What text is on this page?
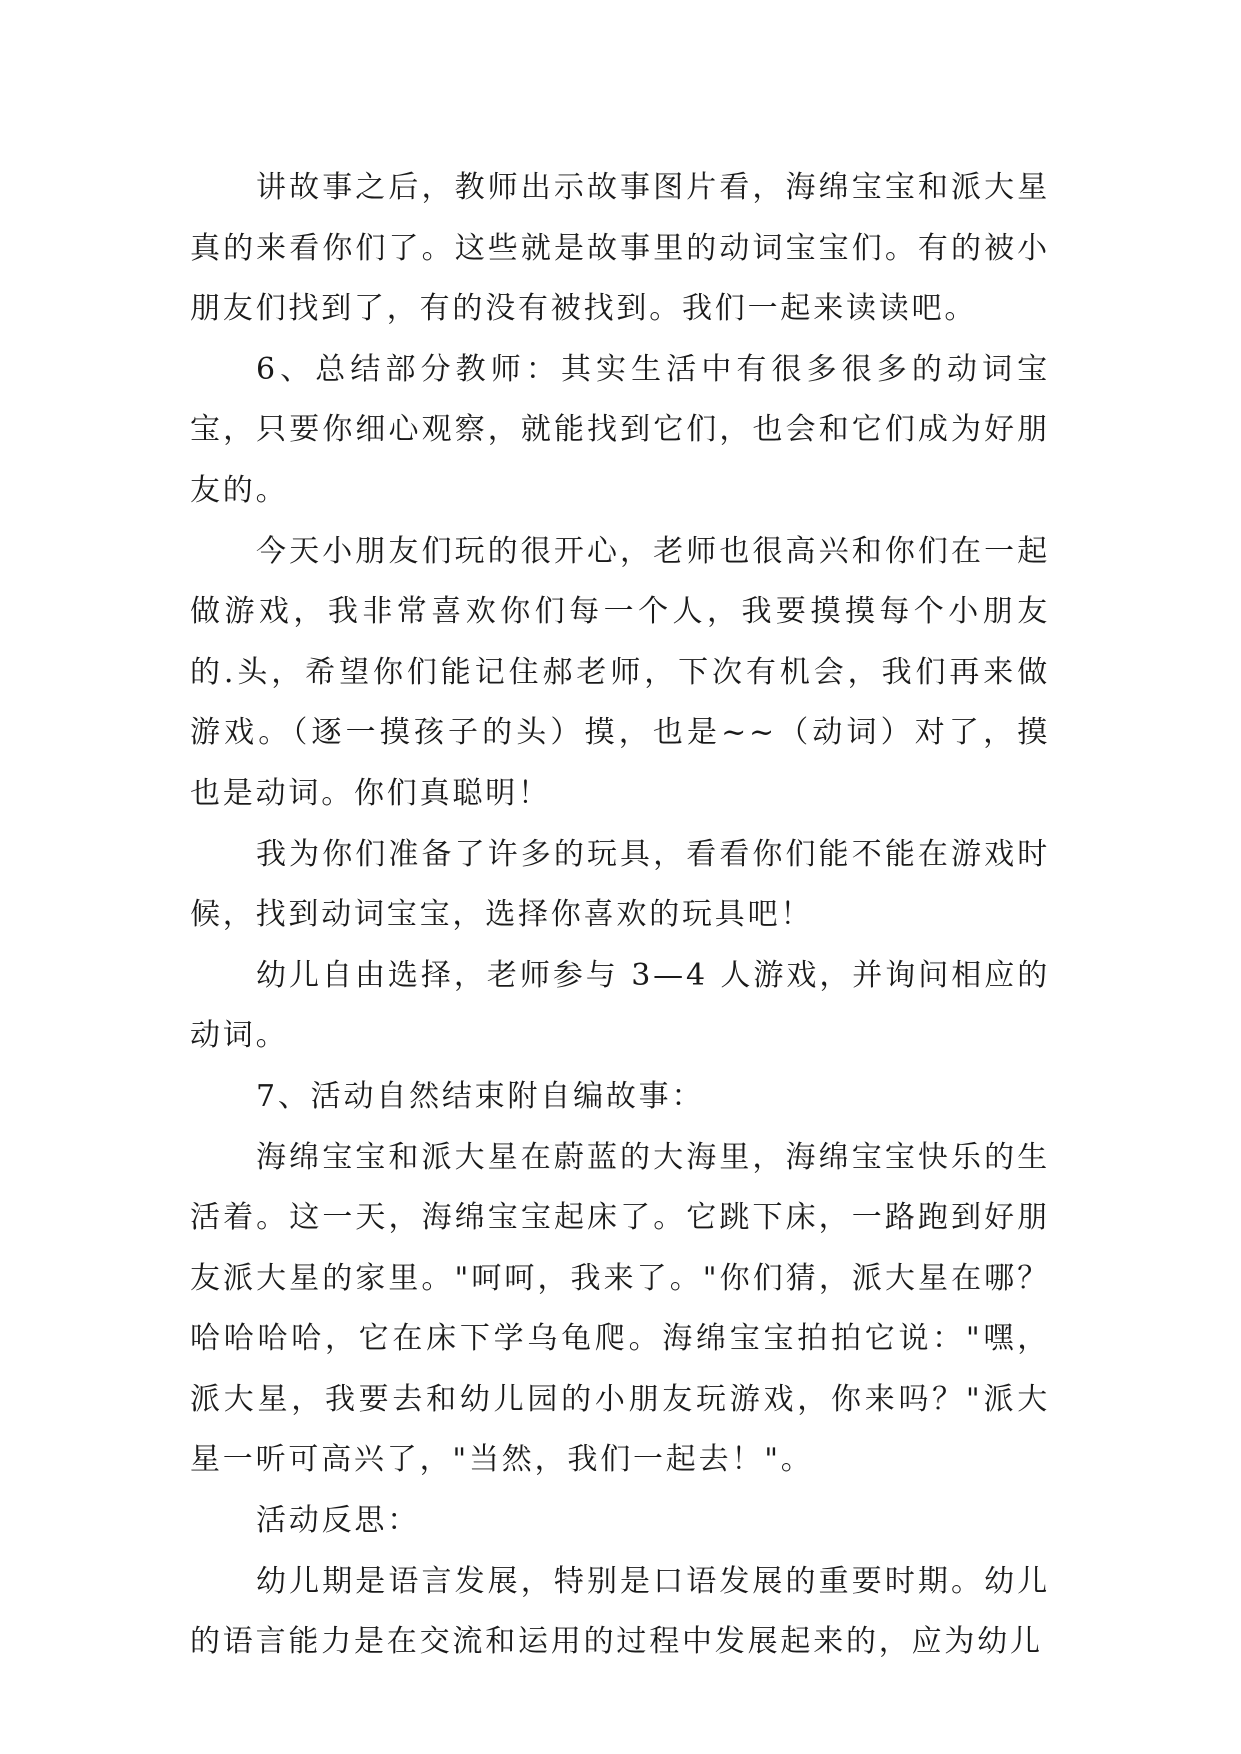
讲故事之后，教师出示故事图片看，海绵宝宝和派大星真的来看你们了。这些就是故事里的动词宝宝们。有的被小朋友们找到了，有的没有被找到。我们一起来读读吧。

6、总结部分教师：其实生活中有很多很多的动词宝宝，只要你细心观察，就能找到它们，也会和它们成为好朋友的。

今天小朋友们玩的很开心，老师也很高兴和你们在一起做游戏，我非常喜欢你们每一个人，我要摸摸每个小朋友的.头，希望你们能记住郝老师，下次有机会，我们再来做游戏。（逐一摸孩子的头）摸，也是~~（动词）对了，摸也是动词。你们真聪明！

我为你们准备了许多的玩具，看看你们能不能在游戏时候，找到动词宝宝，选择你喜欢的玩具吧！

幼儿自由选择，老师参与 3—4 人游戏，并询问相应的动词。

7、活动自然结束附自编故事：

海绵宝宝和派大星在蔚蓝的大海里，海绵宝宝快乐的生活着。这一天，海绵宝宝起床了。它跳下床，一路跑到好朋友派大星的家里。"呵呵，我来了。"你们猜，派大星在哪？哈哈哈哈，它在床下学乌龟爬。海绵宝宝拍拍它说："嘿，派大星，我要去和幼儿园的小朋友玩游戏，你来吗？"派大星一听可高兴了，"当然，我们一起去！"。

活动反思：

幼儿期是语言发展，特别是口语发展的重要时期。幼儿的语言能力是在交流和运用的过程中发展起来的，应为幼儿
